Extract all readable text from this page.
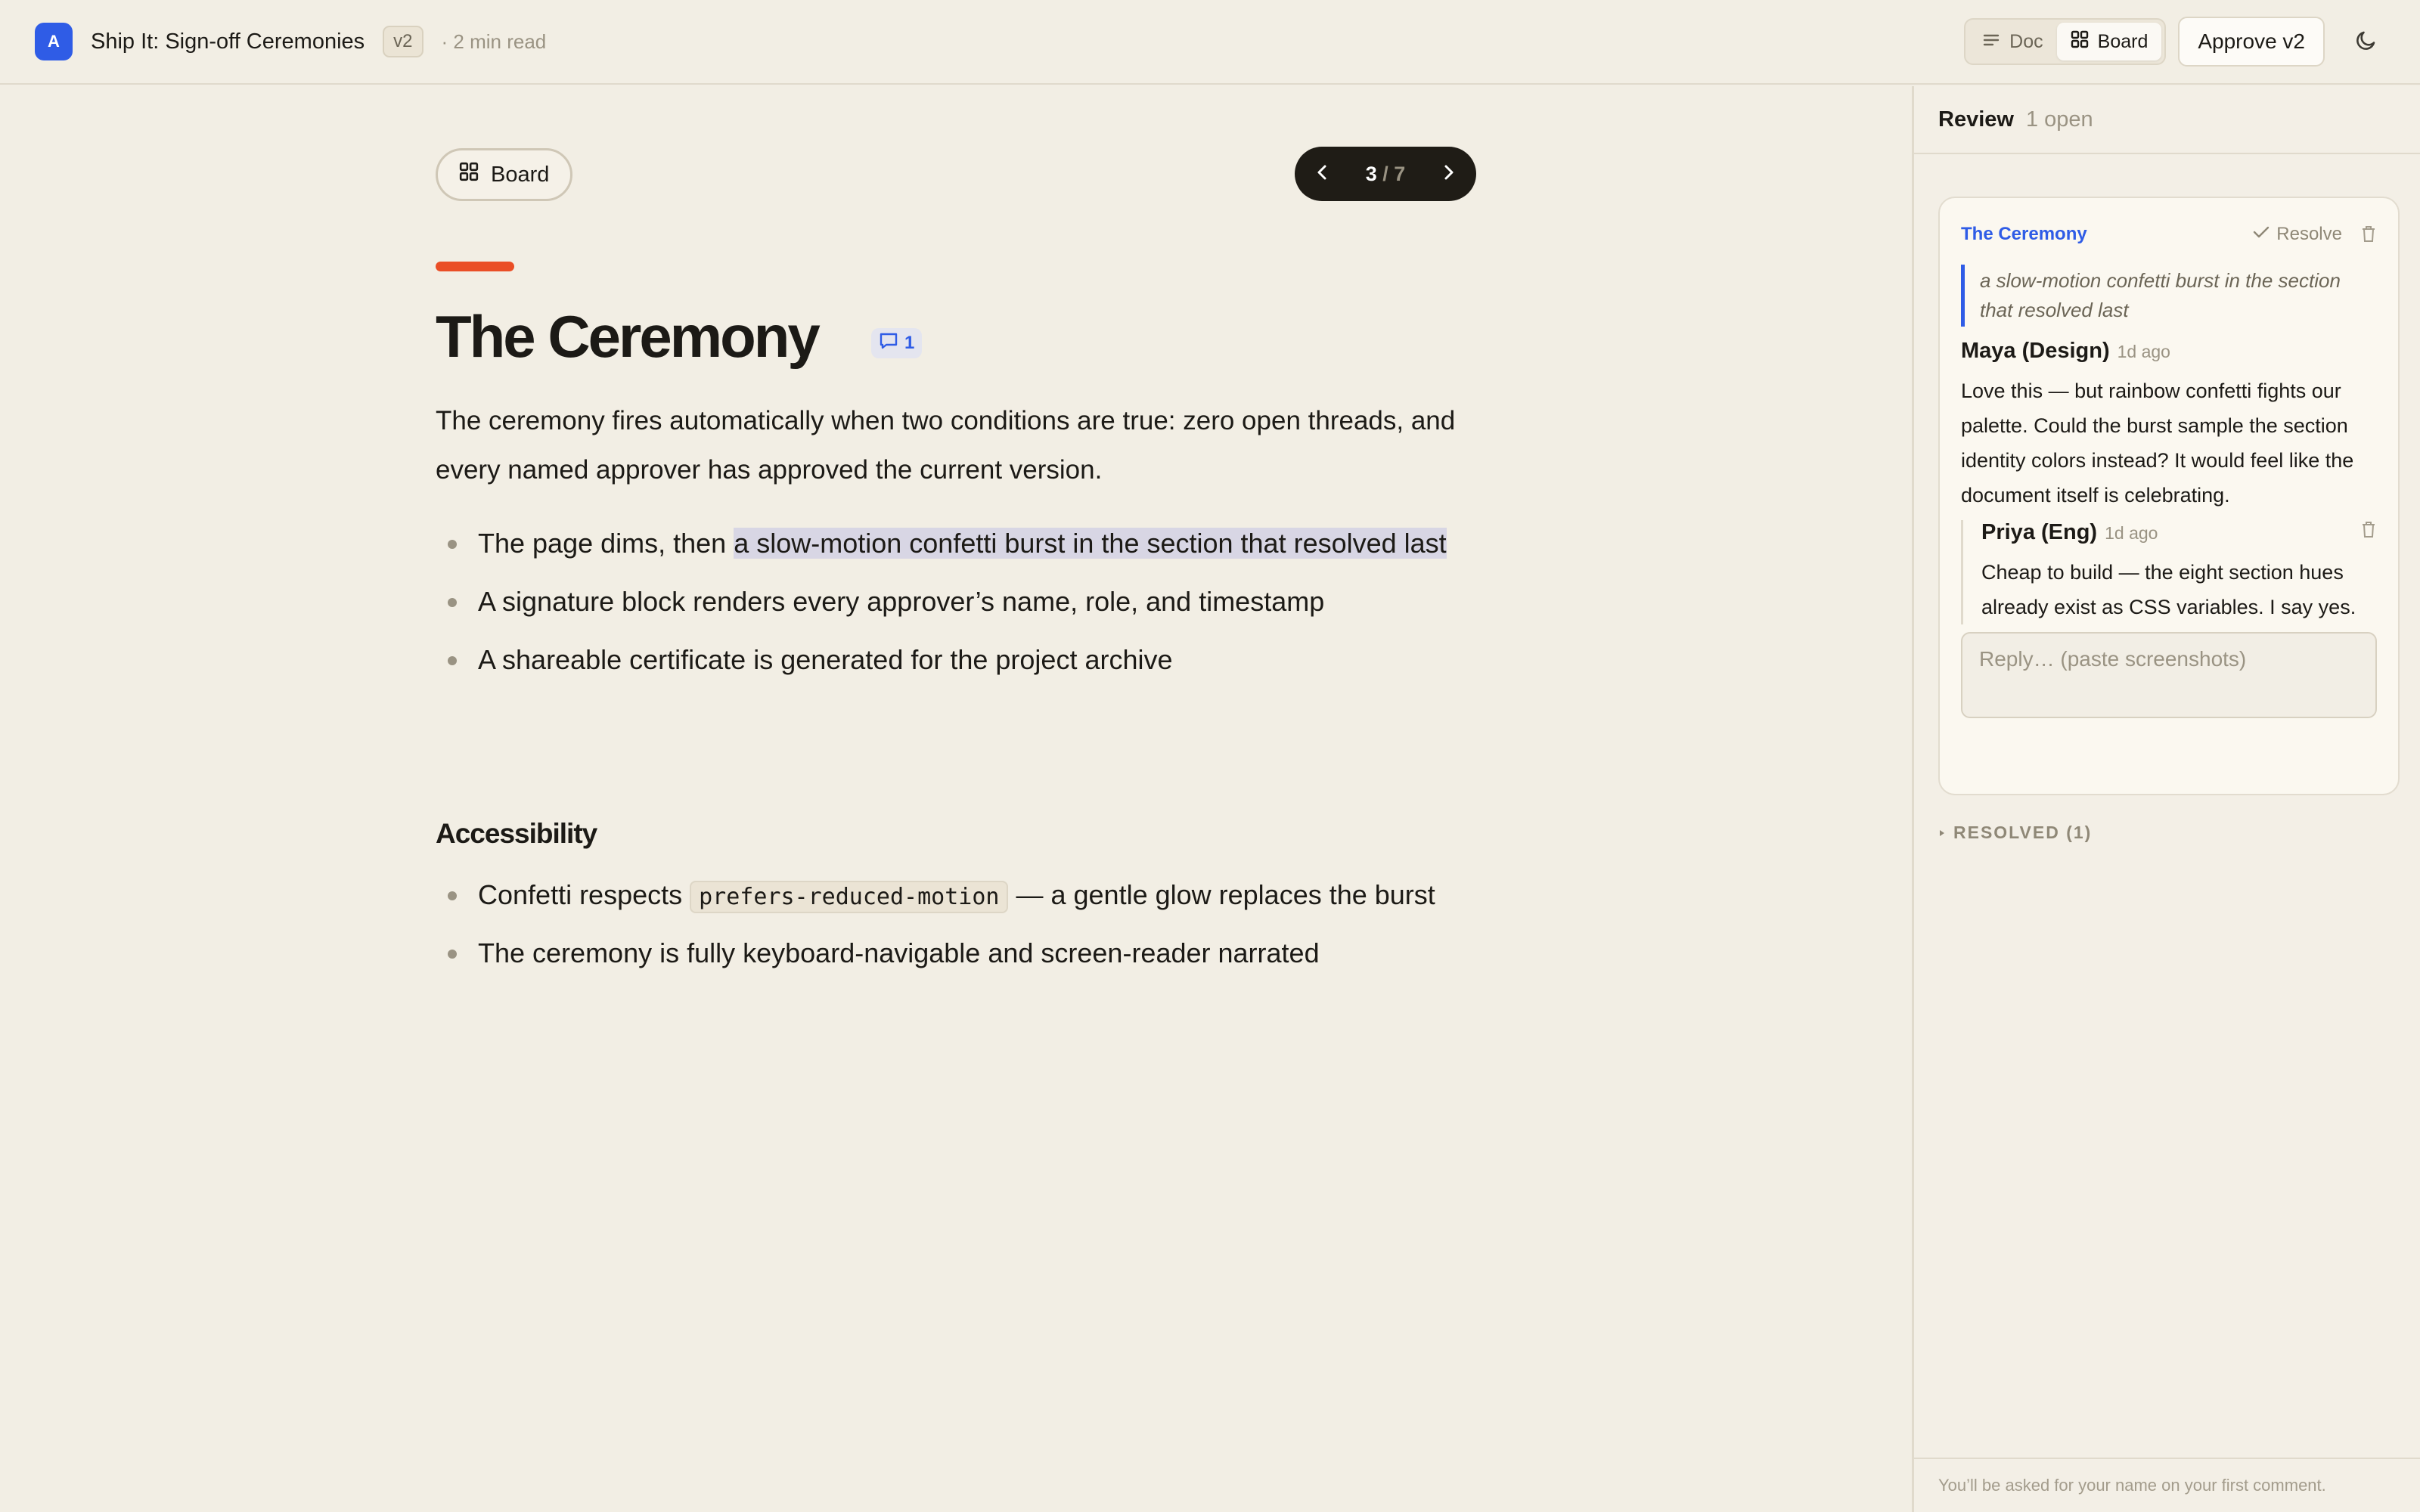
A	Ship It: Sign-off Ceremonies	v2	· 2 min read	Doc	Board	Approve v2
Board	3 / 7
The Ceremony	1

The ceremony fires automatically when two conditions are true: zero open threads, and every named approver has approved the current version.

The page dims, then a slow-motion confetti burst in the section that resolved last
A signature block renders every approver’s name, role, and timestamp
A shareable certificate is generated for the project archive
Accessibility
Confetti respects prefers-reduced-motion — a gentle glow replaces the burst
The ceremony is fully keyboard-navigable and screen-reader narrated
Review 1 open
The Ceremony	Resolve
a slow-motion confetti burst in the section that resolved last
Maya (Design) 1d ago
Love this — but rainbow confetti fights our palette. Could the burst sample the section identity colors instead? It would feel like the document itself is celebrating.
Priya (Eng) 1d ago
Cheap to build — the eight section hues already exist as CSS variables. I say yes.
Reply… (paste screenshots)
RESOLVED (1)
You’ll be asked for your name on your first comment.
